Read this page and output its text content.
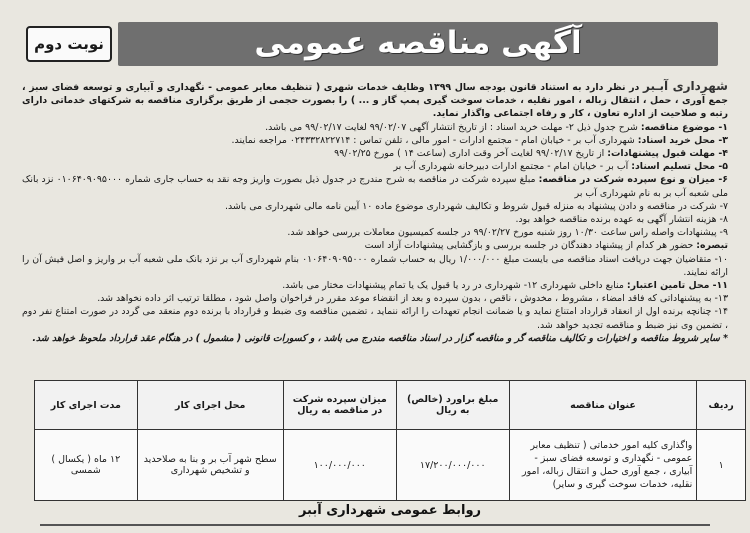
آگهی مناقصه عمومی
نوبت دوم

شهرداری آبـبر در نظر دارد به استناد قانون بودجه سال ۱۳۹۹ وظایف خدمات شهری ( تنظیف معابر عمومی - نگهداری و آبیاری و توسعه فضای سبز ، جمع آوری ، حمل ، انتقال زباله ، امور نقلیه ، خدمات سوخت گیری پمپ گاز و ... ) را بصورت حجمی از طریق برگزاری مناقصه به شرکتهای خدماتی دارای رتبه و صلاحیت از اداره تعاون ، کار و رفاه اجتماعی واگذار نماید.

۱- موضوع مناقصه: شرح جدول ذیل ۲- مهلت خرید اسناد : از تاریخ انتشار آگهی ۹۹/۰۲/۰۷ لغایت ۹۹/۰۲/۱۷ می باشد.

۳- محل خرید اسناد: شهرداری آب بر - خیابان امام - مجتمع ادارات - امور مالی ، تلفن تماس : ۰۲۴۳۳۲۸۲۲۷۱۴ مراجعه نمایند.

۴- مهلت قبول پیشنهادات: از تاریخ ۹۹/۰۲/۱۷ لغایت آخر وقت اداری (ساعت ۱۴ ) مورخ ۹۹/۰۲/۲۵

۵- محل تسلیم اسناد: آب بر - خیابان امام - مجتمع ادارات دبیرخانه شهرداری آب بر

۶- میزان و نوع سپرده شرکت در مناقصه: مبلغ سپرده شرکت در مناقصه به شرح مندرج در جدول ذیل بصورت واریز وجه نقد به حساب جاری شماره ۰۱۰۶۴۰۹۰۹۵۰۰۰ نزد بانک ملی شعبه آب بر به نام شهرداری آب بر

۷- شرکت در مناقصه و دادن پیشنهاد به منزله قبول شروط و تکالیف شهرداری موضوع ماده ۱۰ آیین نامه مالی شهرداری می باشد.

۸- هزینه انتشار آگهی به عهده برنده مناقصه خواهد بود.

۹- پیشنهادات واصله راس ساعت ۱۰/۳۰ روز شنبه مورخ ۹۹/۰۲/۲۷ در جلسه کمیسیون معاملات بررسی خواهد شد.

تبصره: حضور هر کدام از پیشنهاد دهندگان در جلسه بررسی و بازگشایی پیشنهادات آزاد است

۱۰- متقاضیان جهت دریافت اسناد مناقصه می بایست مبلغ ۱/۰۰۰/۰۰۰ ریال به حساب شماره ۰۱۰۶۴۰۹۰۹۵۰۰۰ بنام شهرداری آب بر نزد بانک ملی شعبه آب بر واریز و اصل فیش آن را ارائه نمایند.

۱۱- محل تامین اعتبار: منابع داخلی شهرداری ۱۲- شهرداری در رد یا قبول یک یا تمام پیشنهادات مختار می باشد.

۱۳- به پیشنهاداتی که فاقد امضاء ، مشروط ، مخدوش ، ناقص ، بدون سپرده و بعد از انقضاء موعد مقرر در فراخوان واصل شود ، مطلقا ترتیب اثر داده نخواهد شد.

۱۴- چنانچه برنده اول از انعقاد قرارداد امتناع نماید و یا ضمانت انجام تعهدات را ارائه ننماید ، تضمین مناقصه وی ضبط و قرارداد با برنده دوم منعقد می گردد در صورت امتناع نفر دوم ، تضمین وی نیز ضبط و مناقصه تجدید خواهد شد.

* سایر شروط مناقصه و اختیارات و تکالیف مناقصه گر و مناقصه گزار در اسناد مناقصه مندرج می باشد ، و کسورات قانونی ( مشمول ) در هنگام عقد قرارداد ملحوظ خواهد شد.

ردیف	عنوان مناقصه	مبلغ براورد (خالص) به ریال	میزان سپرده شرکت در مناقصه به ریال	محل اجرای کار	مدت اجرای کار
۱	واگذاری کلیه امور خدماتی ( تنظیف معابر عمومی - نگهداری و توسعه فضای سبز - آبیاری ، جمع آوری حمل و انتقال زباله، امور نقلیه، خدمات سوخت گیری و سایر)	۱۷/۲۰۰/۰۰۰/۰۰۰	۱۰۰/۰۰۰/۰۰۰	سطح شهر آب بر و بنا به صلاحدید و تشخیص شهرداری	۱۲ ماه ( یکسال ) شمسی
روابط عمومی شهرداری آببر
